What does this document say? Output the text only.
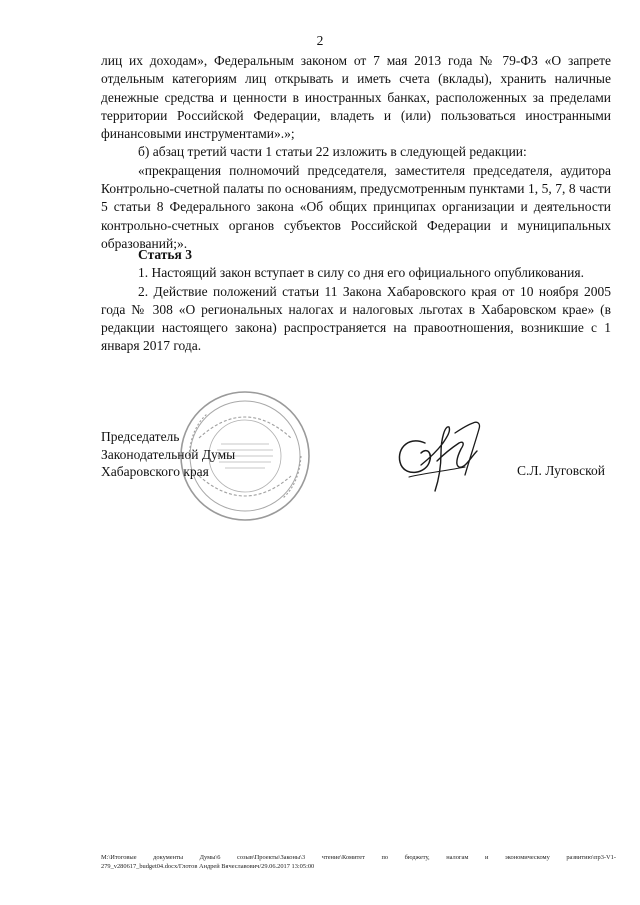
2

лиц их доходам», Федеральным законом от 7 мая 2013 года № 79-ФЗ «О запрете отдельным категориям лиц открывать и иметь счета (вклады), хранить наличные денежные средства и ценности в иностранных банках, расположенных за пределами территории Российской Федерации, владеть и (или) пользоваться иностранными финансовыми инструментами».»;

б) абзац третий части 1 статьи 22 изложить в следующей редакции:

«прекращения полномочий председателя, заместителя председателя, аудитора Контрольно-счетной палаты по основаниям, предусмотренным пунктами 1, 5, 7, 8 части 5 статьи 8 Федерального закона «Об общих принципах организации и деятельности контрольно-счетных органов субъектов Российской Федерации и муниципальных образований;».

Статья 3

1. Настоящий закон вступает в силу со дня его официального опубликования.

2. Действие положений статьи 11 Закона Хабаровского края от 10 ноября 2005 года № 308 «О региональных налогах и налоговых льготах в Хабаровском крае» (в редакции настоящего закона) распространяется на правоотношения, возникшие с 1 января 2017 года.

Председатель
Законодательной Думы
Хабаровского края	С.Л. Луговской
M:\Итоговые документы Думы\6 созыв\Проекты\Законы\3 чтение\Комитет по бюджету, налогам и экономическому развитию\пр3-V1-
279_v280617_budget04.docx/Глотов Андрей Вячеславович/29.06.2017 13:05:00
